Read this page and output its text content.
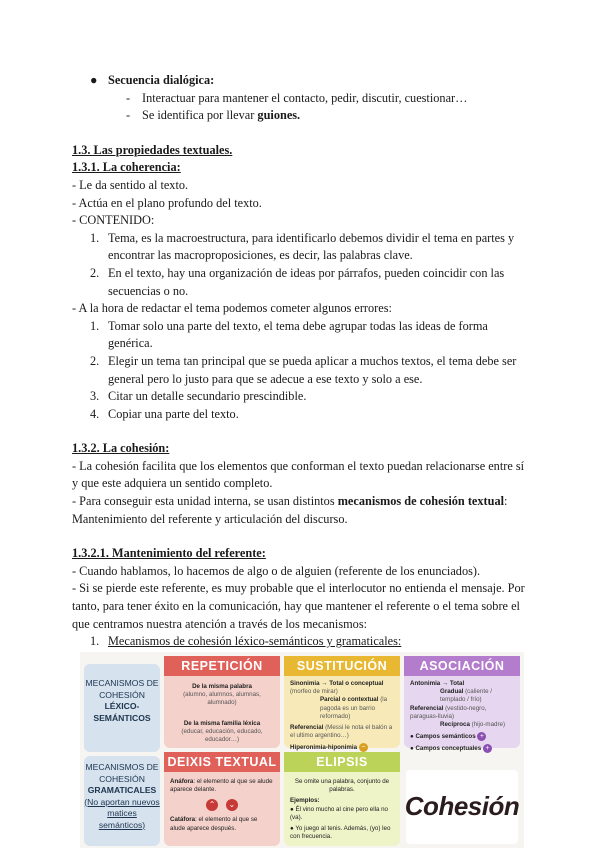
● Secuencia dialógica:
- Interactuar para mantener el contacto, pedir, discutir, cuestionar…
- Se identifica por llevar guiones.
1.3. Las propiedades textuales.
1.3.1. La coherencia:
- Le da sentido al texto.
- Actúa en el plano profundo del texto.
- CONTENIDO:
1. Tema, es la macroestructura, para identificarlo debemos dividir el tema en partes y encontrar las macroproposiciones, es decir, las palabras clave.
2. En el texto, hay una organización de ideas por párrafos, pueden coincidir con las secuencias o no.
- A la hora de redactar el tema podemos cometer algunos errores:
1. Tomar solo una parte del texto, el tema debe agrupar todas las ideas de forma genérica.
2. Elegir un tema tan principal que se pueda aplicar a muchos textos, el tema debe ser general pero lo justo para que se adecue a ese texto y solo a ese.
3. Citar un detalle secundario prescindible.
4. Copiar una parte del texto.
1.3.2. La cohesión:
- La cohesión facilita que los elementos que conforman el texto puedan relacionarse entre sí y que este adquiera un sentido completo.
- Para conseguir esta unidad interna, se usan distintos mecanismos de cohesión textual: Mantenimiento del referente y articulación del discurso.
1.3.2.1. Mantenimiento del referente:
- Cuando hablamos, lo hacemos de algo o de alguien (referente de los enunciados).
- Si se pierde este referente, es muy probable que el interlocutor no entienda el mensaje. Por tanto, para tener éxito en la comunicación, hay que mantener el referente o el tema sobre el que centramos nuestra atención a través de los mecanismos:
1. Mecanismos de cohesión léxico-semánticos y gramaticales:
MECANISMOS DE COHESIÓN
LÉXICO-SEMÁNTICOS
MECANISMOS DE COHESIÓN
GRAMATICALES
(No aportan nuevos matices semánticos)
REPETICIÓN
De la misma palabra
(alumno, alumnos, alumnas, alumnado)
De la misma familia léxica
(educar, educación, educado, educador…)
SUSTITUCIÓN
Sinonimia → Total o conceptual (morfeo de mirar)
Parcial o contextual (la pagoda es un barrio reformado)
Referencial (Messi le nota el balón a el ultimo argentino…)
Hiperonimia-hiponimia −
ASOCIACIÓN
Antonimia → Total
Gradual (caliente / templado / frío)
Referencial (vestido-negro, paraguas-lluvia)
Recíproca (hijo-madre)
● Campos semánticos +
● Campos conceptuales +
DEIXIS TEXTUAL
Anáfora: el elemento al que se alude aparece delante.
⌃ ⌄
Catáfora: el elemento al que se alude aparece después.
ELIPSIS
Se omite una palabra, conjunto de palabras.
Ejemplos:
● Él vino mucho al cine pero ella no (va).
● Yo juego al tenis. Además, (yo) leo con frecuencia.
Cohesión
